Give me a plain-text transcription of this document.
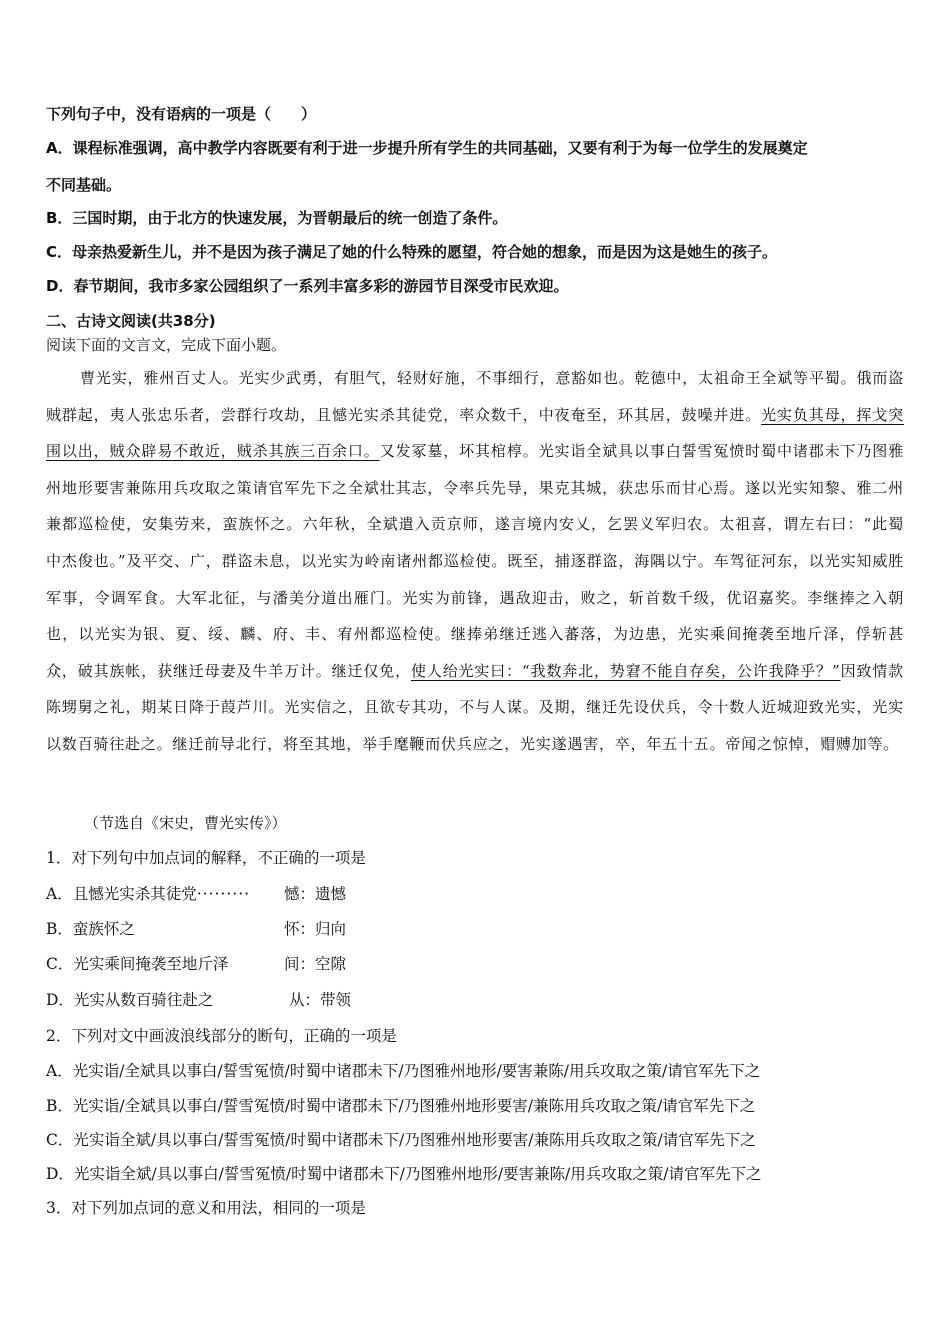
下列句子中，没有语病的一项是（　　）
A．课程标准强调，高中教学内容既要有利于进一步提升所有学生的共同基础，又要有利于为每一位学生的发展奠定
不同基础。
B．三国时期，由于北方的快速发展，为晋朝最后的统一创造了条件。
C．母亲热爱新生儿，并不是因为孩子满足了她的什么特殊的愿望，符合她的想象，而是因为这是她生的孩子。
D．春节期间，我市多家公园组织了一系列丰富多彩的游园节目深受市民欢迎。
二、古诗文阅读(共38分)
阅读下面的文言文，完成下面小题。
曹光实，雅州百丈人。光实少武勇，有胆气，轻财好施，不事细行，意豁如也。乾德中，太祖命王全斌等平蜀。俄而盗贼群起，夷人张忠乐者，尝群行攻劫，且憾光实杀其徒党，率众数千，中夜奄至，环其居，鼓噪并进。光实负其母，挥戈突围以出，贼众辟易不敢近，贼杀其族三百余口。又发冢墓，坏其棺椁。光实诣全斌具以事白誓雪冤愤时蜀中诸郡未下乃图雅州地形要害兼陈用兵攻取之策请官军先下之全斌壮其志，令率兵先导，果克其城，获忠乐而甘心焉。遂以光实知黎、雅二州兼都巡检使，安集劳来，蛮族怀之。六年秋，全斌遣入贡京师，遂言境内安乂，乞罢义军归农。太祖喜，谓左右曰：“此蜀中杰俊也。”及平交、广，群盗未息，以光实为岭南诸州都巡检使。既至，捕逐群盗，海隅以宁。车驾征河东，以光实知威胜军事，令调军食。大军北征，与潘美分道出雁门。光实为前锋，遇敌迎击，败之，斩首数千级，优诏嘉奖。李继捧之入朝也，以光实为银、夏、绥、麟、府、丰、宥州都巡检使。继捧弟继迁逃入蕃落，为边患，光实乘间掩袭至地斤泽，俘斩甚众，破其族帐，获继迁母妻及牛羊万计。继迁仅免，使人绐光实曰：“我数奔北，势窘不能自存矣，公许我降乎？”因致情款陈甥舅之礼，期某日降于葭芦川。光实信之，且欲专其功，不与人谋。及期，继迁先设伏兵，令十数人近城迎致光实，光实以数百骑往赴之。继迁前导北行，将至其地，举手麾鞭而伏兵应之，光实遂遇害，卒，年五十五。帝闻之惊悼，赗赙加等。
（节选自《宋史，曹光实传》）
1．对下列句中加点词的解释，不正确的一项是
A．且憾光实杀其徒党········· 憾：遗憾
B．蛮族怀之	怀：归向
C．光实乘间掩袭至地斤泽	间：空隙
D．光实从数百骑往赴之	从：带领
2．下列对文中画波浪线部分的断句，正确的一项是
A．光实诣/全斌具以事白/誓雪冤愤/时蜀中诸郡未下/乃图雅州地形/要害兼陈/用兵攻取之策/请官军先下之
B．光实诣/全斌具以事白/誓雪冤愤/时蜀中诸郡未下/乃图雅州地形要害/兼陈用兵攻取之策/请官军先下之
C．光实诣全斌/具以事白/誓雪冤愤/时蜀中诸郡未下/乃图雅州地形要害/兼陈用兵攻取之策/请官军先下之
D．光实诣全斌/具以事白/誓雪冤愤/时蜀中诸郡未下/乃图雅州地形/要害兼陈/用兵攻取之策/请官军先下之
3．对下列加点词的意义和用法，相同的一项是
